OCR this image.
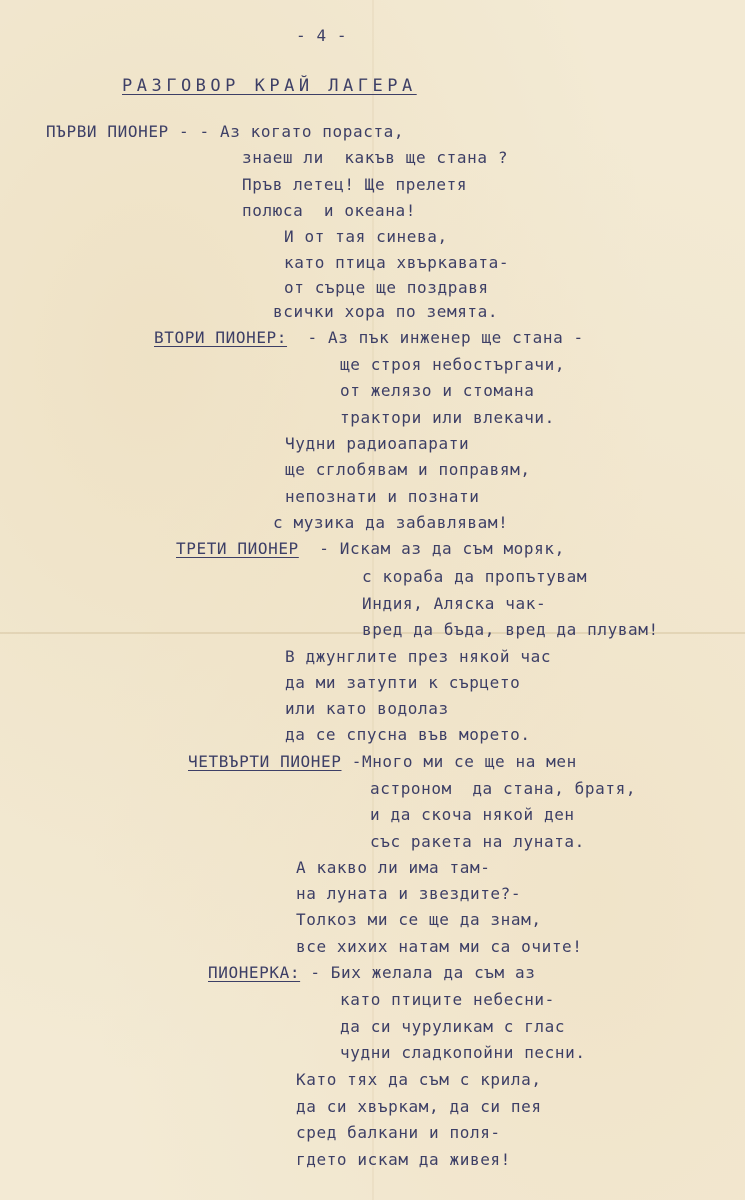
- 4 -
РАЗГОВОР КРАЙ ЛАГЕРА
ПЪРВИ ПИОНЕР - - Аз когато порастa,
знаеш ли  какъв ще стана ?
Пръв летец! Ще прелетя
полюса  и океана!
И от тая синева,
като птица хвъркавата-
от сърце ще поздравя
всички хора по земята.
ВТОРИ ПИОНЕР:  - Аз пък инженер ще стана -
ще строя небостъргачи,
от желязо и стомана
трактори или влекачи.
Чудни радиоапарати
ще сглобявам и поправям,
непознати и познати
с музика да забавлявам!
ТРЕТИ ПИОНЕР  - Искам аз да съм моряк,
с кораба да пропътувам
Индия, Аляска чак-
вред да бъда, вред да плувам!
В джунглите през някой час
да ми затупти к сърцето
или като водолаз
да се спусна във морето.
ЧЕТВЪРТИ ПИОНЕР -Много ми се ще на мен
астроном  да стана, братя,
и да скоча някой ден
със ракета на луната.
А какво ли има там-
на луната и звездите?-
Толкоз ми се ще да знам,
все хихих натам ми са очите!
ПИОНЕРКА: - Бих желала да съм аз
като птиците небесни-
да си чуруликам с глас
чудни сладкопойни песни.
Като тях да съм с крила,
да си хвъркам, да си пея
сред балкани и поля-
гдето искам да живея!
